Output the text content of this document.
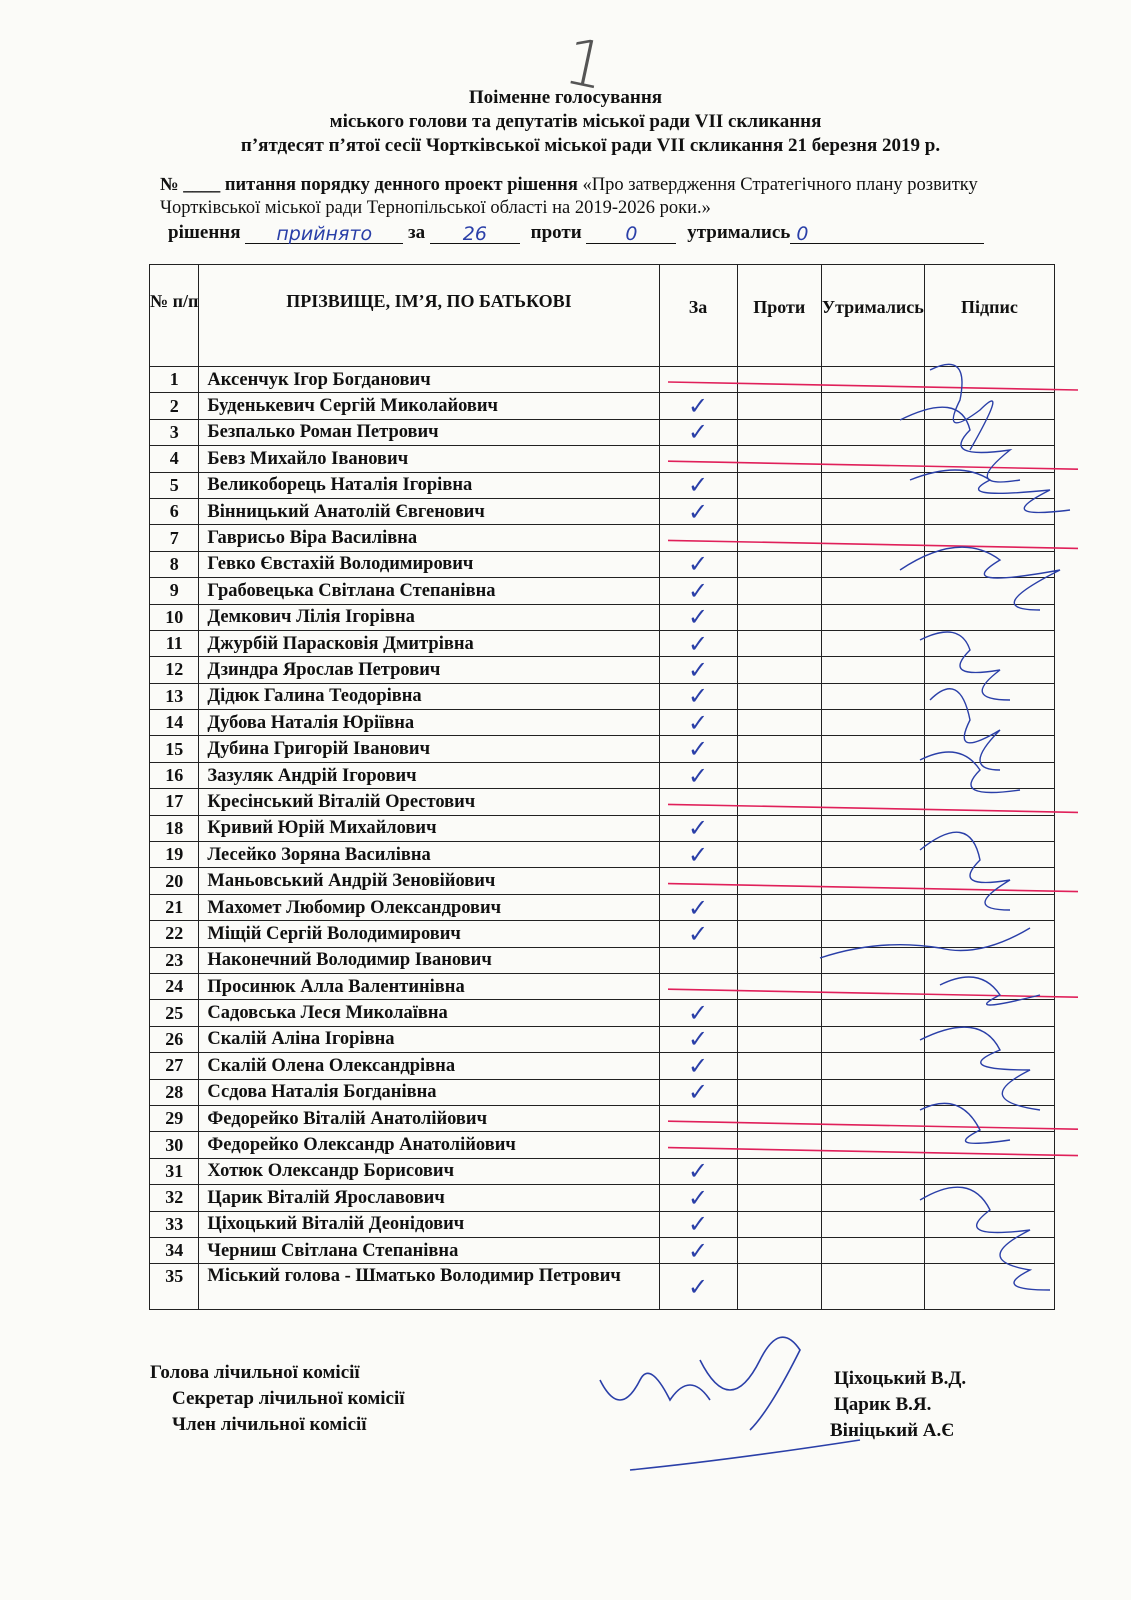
1
Поіменне голосування
міського голови та депутатів міської ради VІІ скликання
п’ятдесят п’ятої сесії Чортківської міської ради VІІ скликання 21 березня 2019 р.
№ ____ питання порядку денного проект рішення «Про затвердження Стратегічного плану розвитку Чортківської міської ради Тернопільської області на 2019-2026 роки.»
рішення прийнято за 26 проти 0	утримались 0
№ п/п	ПРІЗВИЩЕ, ІМ’Я, ПО БАТЬКОВІ	За	Проти	Утримались	Підпис
1	Аксенчук Ігор Богданович				
2	Буденькевич Сергій Миколайович	✓			
3	Безпалько Роман Петрович	✓			
4	Бевз Михайло Іванович				
5	Великоборець Наталія Ігорівна	✓			
6	Вінницький Анатолій Євгенович	✓			
7	Гаврисьо Віра Василівна				
8	Гевко Євстахій Володимирович	✓			
9	Грабовецька Світлана Степанівна	✓			
10	Демкович Лілія Ігорівна	✓			
11	Джурбій Парасковія Дмитрівна	✓			
12	Дзиндра Ярослав Петрович	✓			
13	Дідюк Галина Теодорівна	✓			
14	Дубова Наталія Юріївна	✓			
15	Дубина Григорій Іванович	✓			
16	Зазуляк Андрій Ігорович	✓			
17	Кресінський Віталій Орестович				
18	Кривий Юрій Михайлович	✓			
19	Лесейко Зоряна Василівна	✓			
20	Маньовський Андрій Зеновійович				
21	Махомет Любомир Олександрович	✓			
22	Міщій Сергій Володимирович	✓			
23	Наконечний Володимир Іванович				
24	Просинюк Алла Валентинівна				
25	Садовська Леся Миколаївна	✓			
26	Скалій Аліна Ігорівна	✓			
27	Скалій Олена Олександрівна	✓			
28	Ссдова Наталія Богданівна	✓			
29	Федорейко Віталій Анатолійович				
30	Федорейко Олександр Анатолійович				
31	Хотюк Олександр Борисович	✓			
32	Царик Віталій Ярославович	✓			
33	Ціхоцький Віталій Деонідович	✓			
34	Черниш Світлана Степанівна	✓			
35	Міський голова - Шматько Володимир Петрович	✓			
Голова лічильної комісії
Секретар лічильної комісії
Член лічильної комісії
Ціхоцький В.Д.
Царик В.Я.
Вініцький А.Є
